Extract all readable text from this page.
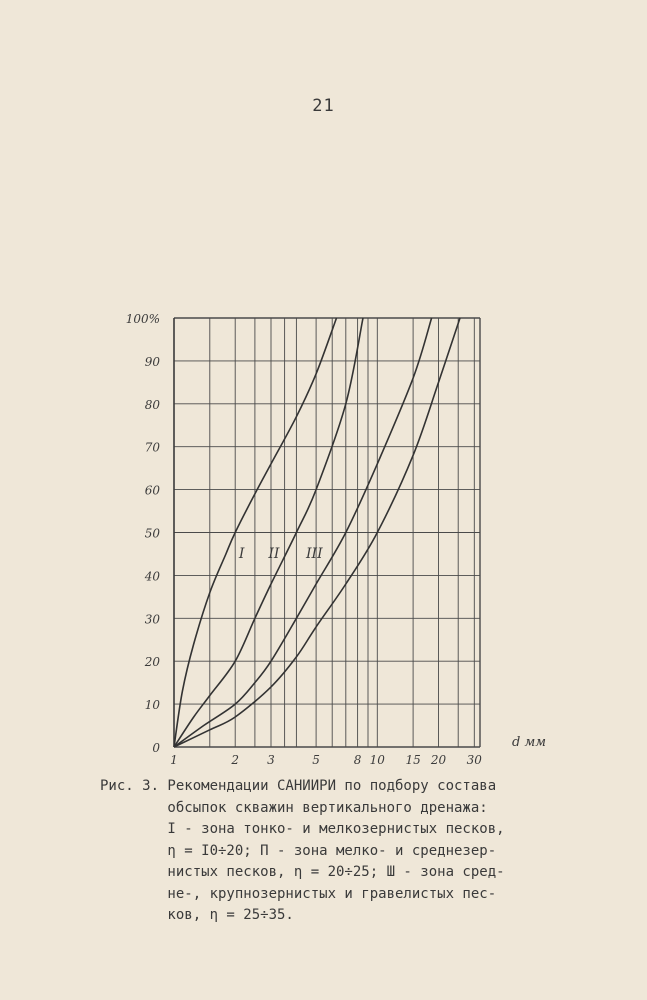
21
0
10
20
30
40
50
60
70
80
90
100%
1	2 3	5	8 10 15 20 30
I II III
d мм
Рис. 3. Рекомендации САНИИРИ по подбору состава
обсыпок скважин вертикального дренажа:
I - зона тонко- и мелкозернистых песков,
η = I0÷20; П - зона мелко- и среднезер-
нистых песков, η = 20÷25; Ш - зона сред-
не-, крупнозернистых и гравелистых пес-
ков, η = 25÷35.
